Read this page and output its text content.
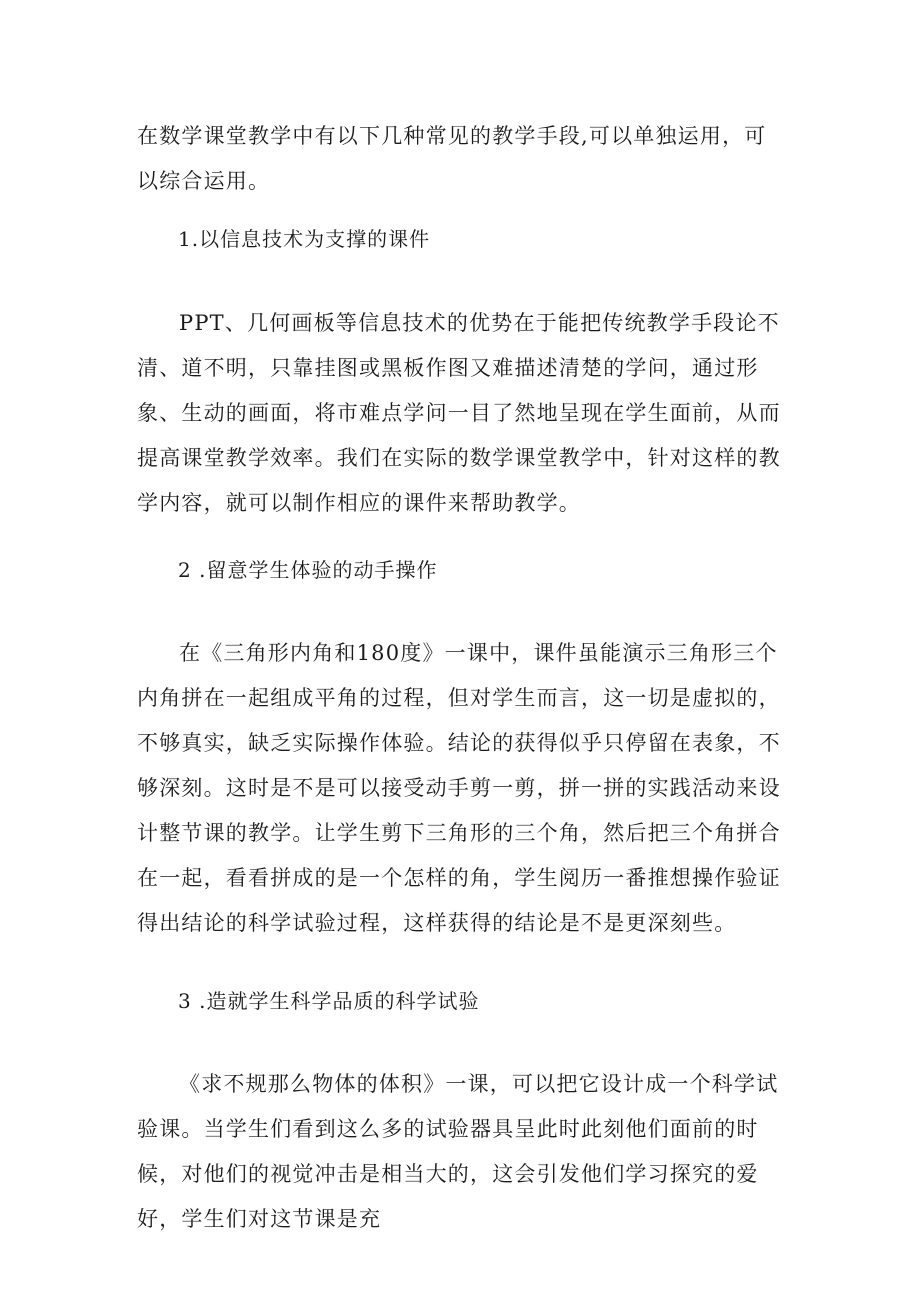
在数学课堂教学中有以下几种常见的教学手段,可以单独运用，可以综合运用。

1.以信息技术为支撑的课件

PPT、几何画板等信息技术的优势在于能把传统教学手段论不清、道不明，只靠挂图或黑板作图又难描述清楚的学问，通过形象、生动的画面，将市难点学问一目了然地呈现在学生面前，从而提高课堂教学效率。我们在实际的数学课堂教学中，针对这样的教学内容，就可以制作相应的课件来帮助教学。

2 .留意学生体验的动手操作

在《三角形内角和180度》一课中，课件虽能演示三角形三个内角拼在一起组成平角的过程，但对学生而言，这一切是虚拟的，不够真实，缺乏实际操作体验。结论的获得似乎只停留在表象，不够深刻。这时是不是可以接受动手剪一剪，拼一拼的实践活动来设计整节课的教学。让学生剪下三角形的三个角，然后把三个角拼合在一起，看看拼成的是一个怎样的角，学生阅历一番推想操作验证得出结论的科学试验过程，这样获得的结论是不是更深刻些。

3 .造就学生科学品质的科学试验

《求不规那么物体的体积》一课，可以把它设计成一个科学试验课。当学生们看到这么多的试验器具呈此时此刻他们面前的时候，对他们的视觉冲击是相当大的，这会引发他们学习探究的爱好，学生们对这节课是充
